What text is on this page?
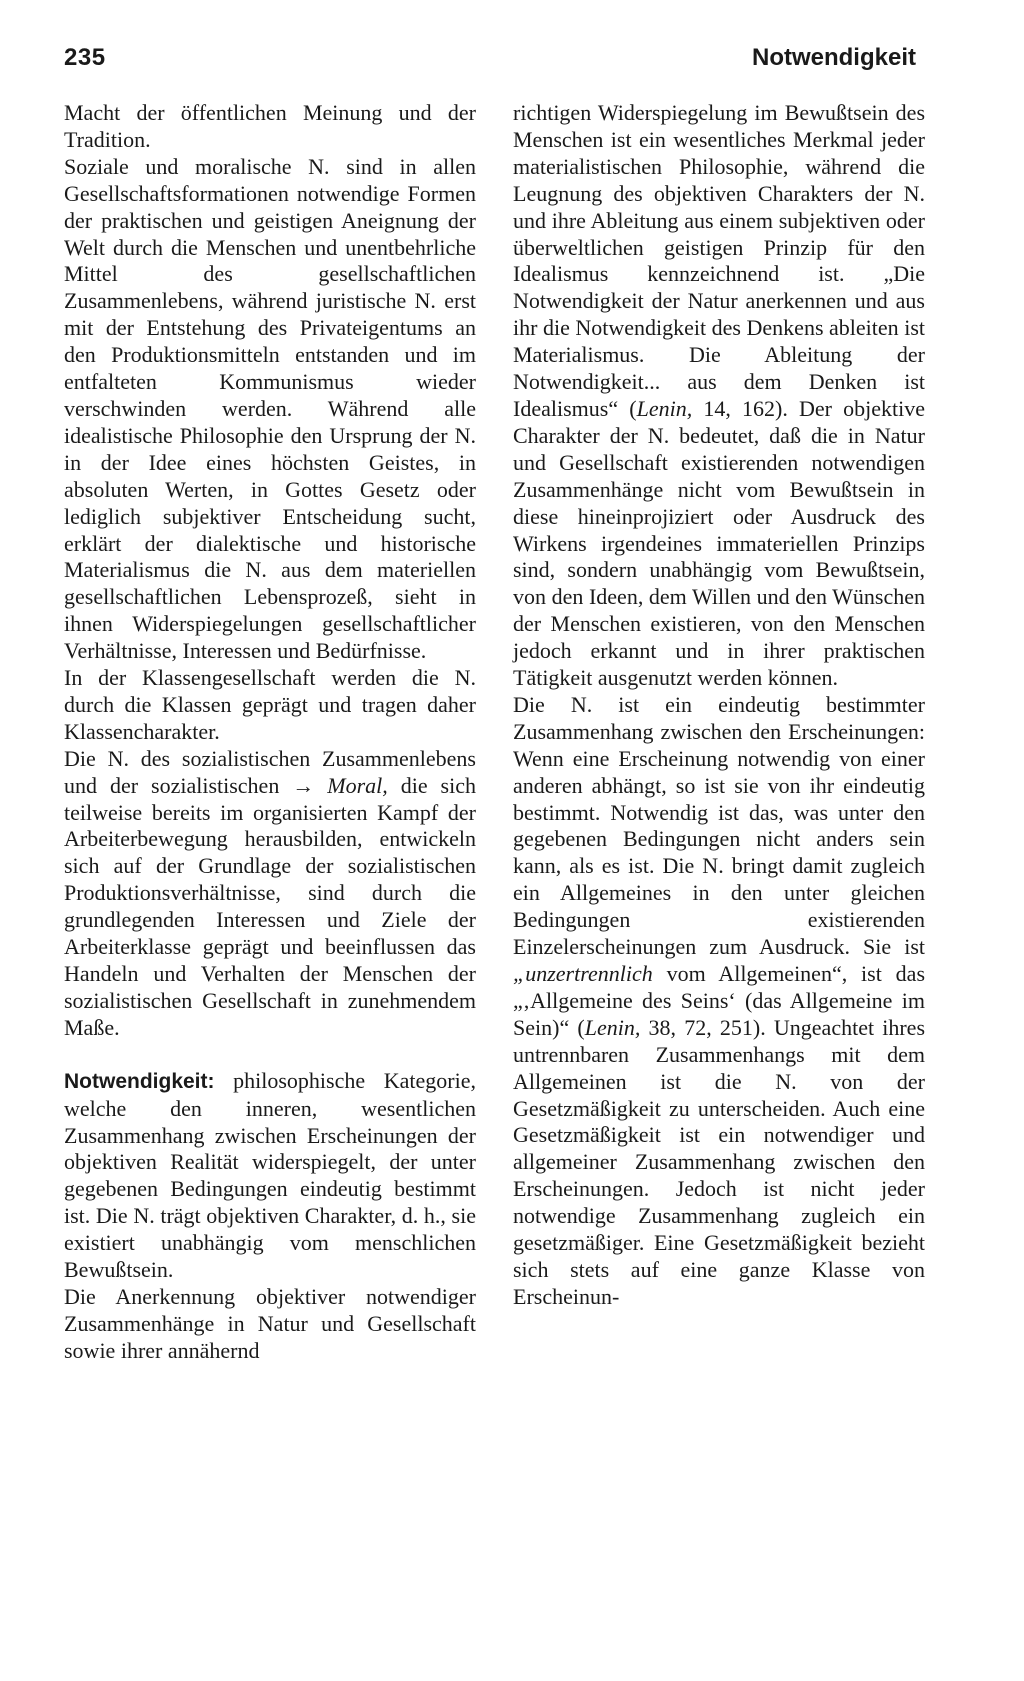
235	Notwendigkeit

Macht der öffentlichen Meinung und der Tradition.

Soziale und moralische N. sind in allen Gesellschaftsformationen notwendige Formen der praktischen und geistigen Aneignung der Welt durch die Menschen und unentbehrliche Mittel des gesellschaftlichen Zusammenlebens, während juristische N. erst mit der Entstehung des Privateigentums an den Produktionsmitteln entstanden und im entfalteten Kommunismus wieder verschwinden werden. Während alle idealistische Philosophie den Ursprung der N. in der Idee eines höchsten Geistes, in absoluten Werten, in Gottes Gesetz oder lediglich subjektiver Entscheidung sucht, erklärt der dialektische und historische Materialismus die N. aus dem materiellen gesellschaftlichen Lebensprozeß, sieht in ihnen Widerspiegelungen gesellschaftlicher Verhältnisse, Interessen und Bedürfnisse.

In der Klassengesellschaft werden die N. durch die Klassen geprägt und tragen daher Klassencharakter.

Die N. des sozialistischen Zusammenlebens und der sozialistischen → Moral, die sich teilweise bereits im organisierten Kampf der Arbeiterbewegung herausbilden, entwickeln sich auf der Grundlage der sozialistischen Produktionsverhältnisse, sind durch die grundlegenden Interessen und Ziele der Arbeiterklasse geprägt und beeinflussen das Handeln und Verhalten der Menschen der sozialistischen Gesellschaft in zunehmendem Maße.

Notwendigkeit: philosophische Kategorie, welche den inneren, wesentlichen Zusammenhang zwischen Erscheinungen der objektiven Realität widerspiegelt, der unter gegebenen Bedingungen eindeutig bestimmt ist. Die N. trägt objektiven Charakter, d. h., sie existiert unabhängig vom menschlichen Bewußtsein.

Die Anerkennung objektiver notwendiger Zusammenhänge in Natur und Gesellschaft sowie ihrer annähernd

richtigen Widerspiegelung im Bewußtsein des Menschen ist ein wesentliches Merkmal jeder materialistischen Philosophie, während die Leugnung des objektiven Charakters der N. und ihre Ableitung aus einem subjektiven oder überweltlichen geistigen Prinzip für den Idealismus kennzeichnend ist. „Die Notwendigkeit der Natur anerkennen und aus ihr die Notwendigkeit des Denkens ableiten ist Materialismus. Die Ableitung der Notwendigkeit... aus dem Denken ist Idealismus“ (Lenin, 14, 162). Der objektive Charakter der N. bedeutet, daß die in Natur und Gesellschaft existierenden notwendigen Zusammenhänge nicht vom Bewußtsein in diese hineinprojiziert oder Ausdruck des Wirkens irgendeines immateriellen Prinzips sind, sondern unabhängig vom Bewußtsein, von den Ideen, dem Willen und den Wünschen der Menschen existieren, von den Menschen jedoch erkannt und in ihrer praktischen Tätigkeit ausgenutzt werden können.

Die N. ist ein eindeutig bestimmter Zusammenhang zwischen den Erscheinungen: Wenn eine Erscheinung notwendig von einer anderen abhängt, so ist sie von ihr eindeutig bestimmt. Notwendig ist das, was unter den gegebenen Bedingungen nicht anders sein kann, als es ist. Die N. bringt damit zugleich ein Allgemeines in den unter gleichen Bedingungen existierenden Einzelerscheinungen zum Ausdruck. Sie ist „unzertrennlich vom Allgemeinen“, ist das „‚Allgemeine des Seins‘ (das Allgemeine im Sein)“ (Lenin, 38, 72, 251). Ungeachtet ihres untrennbaren Zusammenhangs mit dem Allgemeinen ist die N. von der Gesetzmäßigkeit zu unterscheiden. Auch eine Gesetzmäßigkeit ist ein notwendiger und allgemeiner Zusammenhang zwischen den Erscheinungen. Jedoch ist nicht jeder notwendige Zusammenhang zugleich ein gesetzmäßiger. Eine Gesetzmäßigkeit bezieht sich stets auf eine ganze Klasse von Erscheinun-
